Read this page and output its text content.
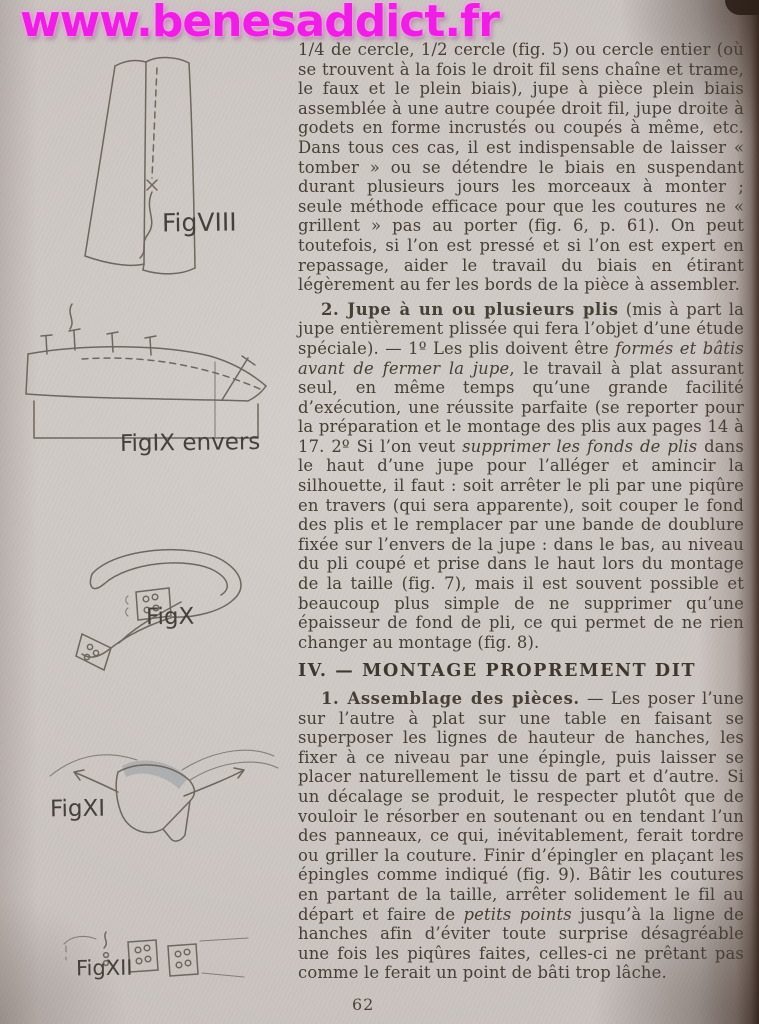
www.benesaddict.fr
FigVIII
FigIX envers
FigX
FigXI
FigXII

1/4 de cercle, 1/2 cercle (fig. 5) ou cercle entier (où se trouvent à la fois le droit fil sens chaîne et trame, le faux et le plein biais), jupe à pièce plein biais assemblée à une autre coupée droit fil, jupe droite à godets en forme incrustés ou coupés à même, etc. Dans tous ces cas, il est indispensable de laisser « tomber » ou se détendre le biais en suspendant durant plusieurs jours les morceaux à monter ; seule méthode efficace pour que les coutures ne « grillent » pas au porter (fig. 6, p. 61). On peut toutefois, si l’on est pressé et si l’on est expert en repassage, aider le travail du biais en étirant légèrement au fer les bords de la pièce à assembler.

2. Jupe à un ou plusieurs plis (mis à part la jupe entièrement plissée qui fera l’objet d’une étude spéciale). — 1º Les plis doivent être formés et bâtis avant de fermer la jupe, le travail à plat assurant seul, en même temps qu’une grande facilité d’exécution, une réussite parfaite (se reporter pour la préparation et le montage des plis aux pages 14 à 17. 2º Si l’on veut supprimer les fonds de plis dans le haut d’une jupe pour l’alléger et amincir la silhouette, il faut : soit arrêter le pli par une piqûre en travers (qui sera apparente), soit couper le fond des plis et le remplacer par une bande de doublure fixée sur l’envers de la jupe : dans le bas, au niveau du pli coupé et prise dans le haut lors du montage de la taille (fig. 7), mais il est souvent possible et beaucoup plus simple de ne supprimer qu’une épaisseur de fond de pli, ce qui permet de ne rien changer au montage (fig. 8).

IV. — MONTAGE PROPREMENT DIT

1. Assemblage des pièces. — Les poser l’une sur l’autre à plat sur une table en faisant se superposer les lignes de hauteur de hanches, les fixer à ce niveau par une épingle, puis laisser se placer naturellement le tissu de part et d’autre. Si un décalage se produit, le respecter plutôt que de vouloir le résorber en soutenant ou en tendant l’un des panneaux, ce qui, inévitablement, ferait tordre ou griller la couture. Finir d’épingler en plaçant les épingles comme indiqué (fig. 9). Bâtir les coutures en partant de la taille, arrêter solidement le fil au départ et faire de petits points jusqu’à la ligne de hanches afin d’éviter toute surprise désagréable une fois les piqûres faites, celles-ci ne prêtant pas comme le ferait un point de bâti trop lâche.

62
